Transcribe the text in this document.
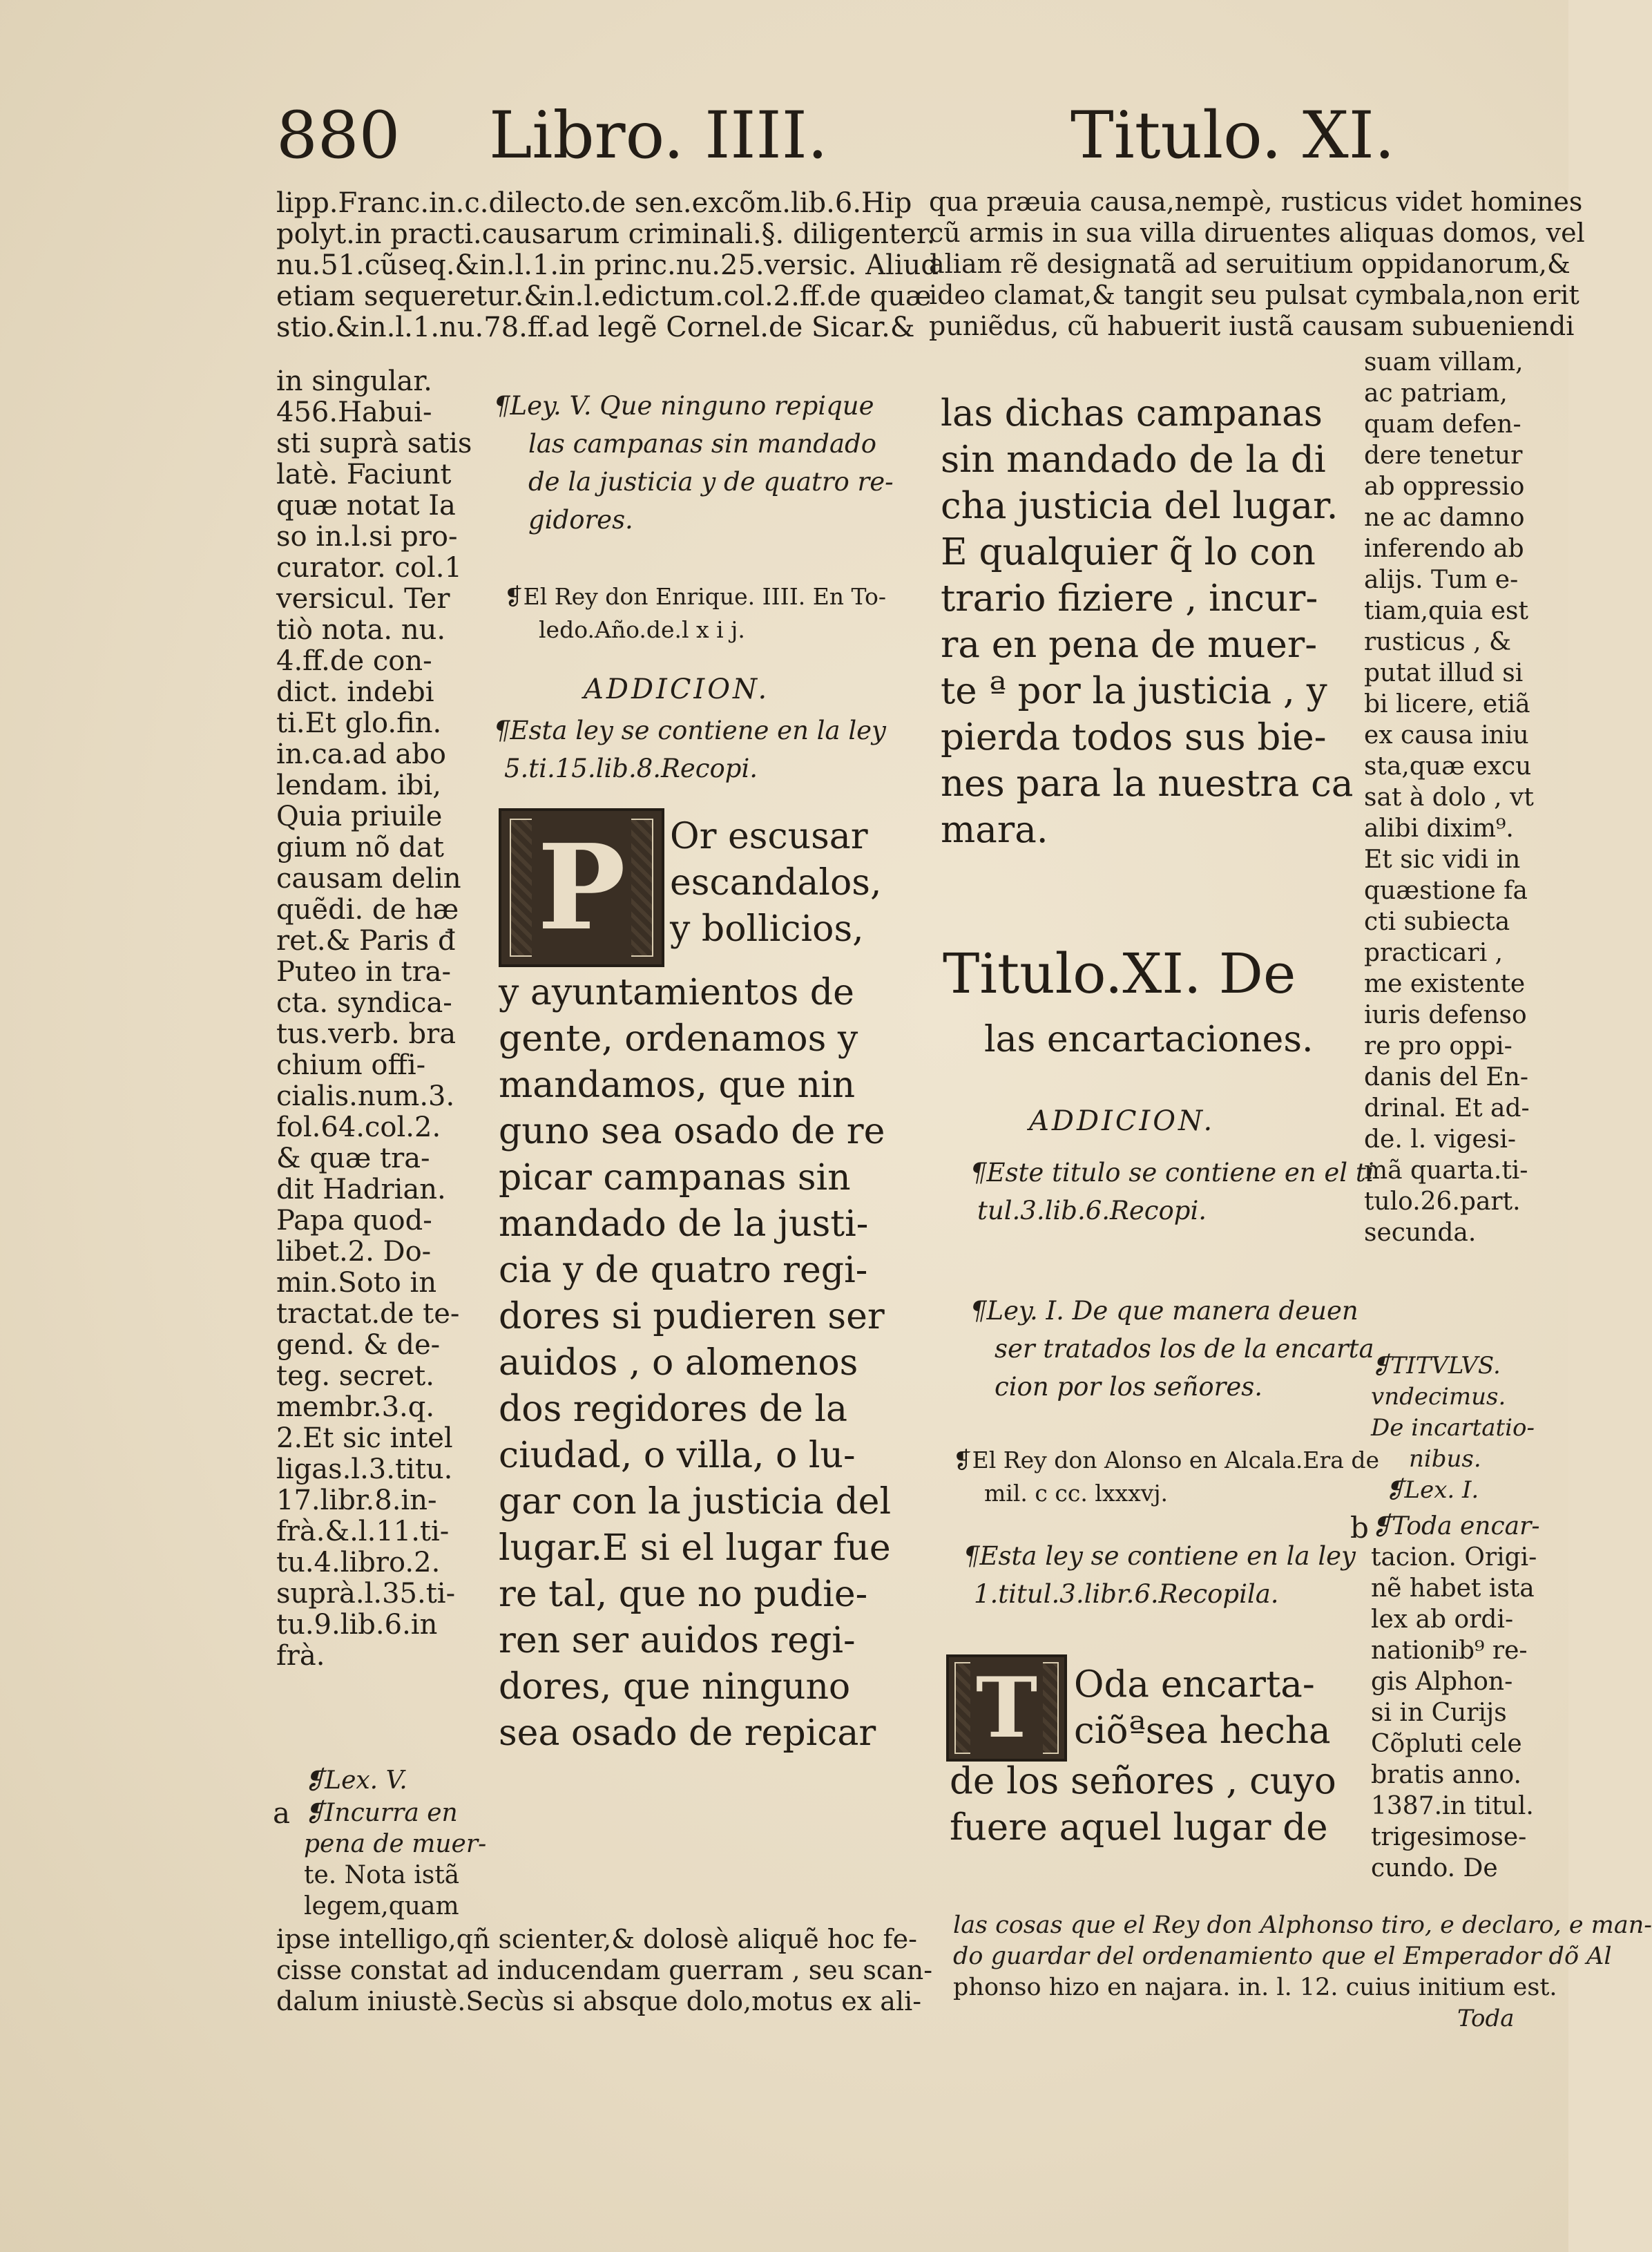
880 Libro. IIII.	Titulo. XI.
lipp.Franc.in.c.dilecto.de sen.excõm.lib.6.Hip
polyt.in practi.causarum criminali.§. diligenter.
nu.51.cũseq.&in.l.1.in princ.nu.25.versic. Aliud
etiam sequeretur.&in.l.edictum.col.2.ff.de quæ
stio.&in.l.1.nu.78.ff.ad legẽ Cornel.de Sicar.&
in singular.
456.Habui-
sti suprà satis
latè. Faciunt
quæ notat Ia
so in.l.si pro-
curator. col.1
versicul. Ter
tiò nota. nu.
4.ff.de con-
dict. indebi
ti.Et glo.fin.
in.ca.ad abo
lendam. ibi,
Quia priuile
gium nõ dat
causam delin
quẽdi. de hæ
ret.& Paris đ
Puteo in tra-
cta. syndica-
tus.verb. bra
chium offi-
cialis.num.3.
fol.64.col.2.
& quæ tra-
dit Hadrian.
Papa quod-
libet.2. Do-
min.Soto in
tractat.de te-
gend. & de-
teg. secret.
membr.3.q.
2.Et sic intel
ligas.l.3.titu.
17.libr.8.in-
frà.&.l.11.ti-
tu.4.libro.2.
suprà.l.35.ti-
tu.9.lib.6.in
frà.
❡Lex. V.
a ❡Incurra en
pena de muer-
te. Nota istã
legem,quam
ipse intelligo,qñ scienter,& dolosè aliquẽ hoc fe-
cisse constat ad inducendam guerram , seu scan-
dalum iniustè.Secùs si absque dolo,motus ex ali-
¶Ley. V. Que ninguno repique
las campanas sin mandado
de la justicia y de quatro re-
gidores.
❡El Rey don Enrique. IIII. En To-
ledo.Año.de.l x i j.
ADDICION.
¶Esta ley se contiene en la ley
5.ti.15.lib.8.Recopi.
P Or escusar
escandalos,
y bollicios,
y ayuntamientos de
gente, ordenamos y
mandamos, que nin
guno sea osado de re
picar campanas sin
mandado de la justi-
cia y de quatro regi-
dores si pudieren ser
auidos , o alomenos
dos regidores de la
ciudad, o villa, o lu-
gar con la justicia del
lugar.E si el lugar fue
re tal, que no pudie-
ren ser auidos regi-
dores, que ninguno
sea osado de repicar
qua præuia causa,nempè, rusticus videt homines
cũ armis in sua villa diruentes aliquas domos, vel
aliam rẽ designatã ad seruitium oppidanorum,&
ideo clamat,& tangit seu pulsat cymbala,non erit
puniẽdus, cũ habuerit iustã causam subueniendi
las dichas campanas
sin mandado de la di
cha justicia del lugar.
E qualquier q̃ lo con
trario fiziere , incur-
ra en pena de muer-
te ª por la justicia , y
pierda todos sus bie-
nes para la nuestra ca
mara.
suam villam,
ac patriam,
quam defen-
dere tenetur
ab oppressio
ne ac damno
inferendo ab
alijs. Tum e-
tiam,quia est
rusticus , &
putat illud si
bi licere, etiã
ex causa iniu
sta,quæ excu
sat à dolo , vt
alibi dixim⁹.
Et sic vidi in
quæstione fa
cti subiecta
practicari ,
me existente
iuris defenso
re pro oppi-
danis del En-
drinal. Et ad-
de. l. vigesi-
mã quarta.ti-
tulo.26.part.
secunda.
Titulo.XI. De
las encartaciones.
ADDICION.
¶Este titulo se contiene en el ti
tul.3.lib.6.Recopi.
¶Ley. I. De que manera deuen
ser tratados los de la encarta
cion por los señores.
❡El Rey don Alonso en Alcala.Era de
mil. c cc. lxxxvj.
¶Esta ley se contiene en la ley
1.titul.3.libr.6.Recopila.
T Oda encarta-
ciõªsea hecha
de los señores , cuyo
fuere aquel lugar de
❡TITVLVS.
vndecimus.
De incartatio-
nibus.
❡Lex. I.
b ❡Toda encar-
tacion. Origi-
nẽ habet ista
lex ab ordi-
nationib⁹ re-
gis Alphon-
si in Curijs
Cõpluti cele
bratis anno.
1387.in titul.
trigesimose-
cundo. De
las cosas que el Rey don Alphonso tiro, e declaro, e man-
do guardar del ordenamiento que el Emperador dõ Al
phonso hizo en najara. in. l. 12. cuius initium est.
Toda
